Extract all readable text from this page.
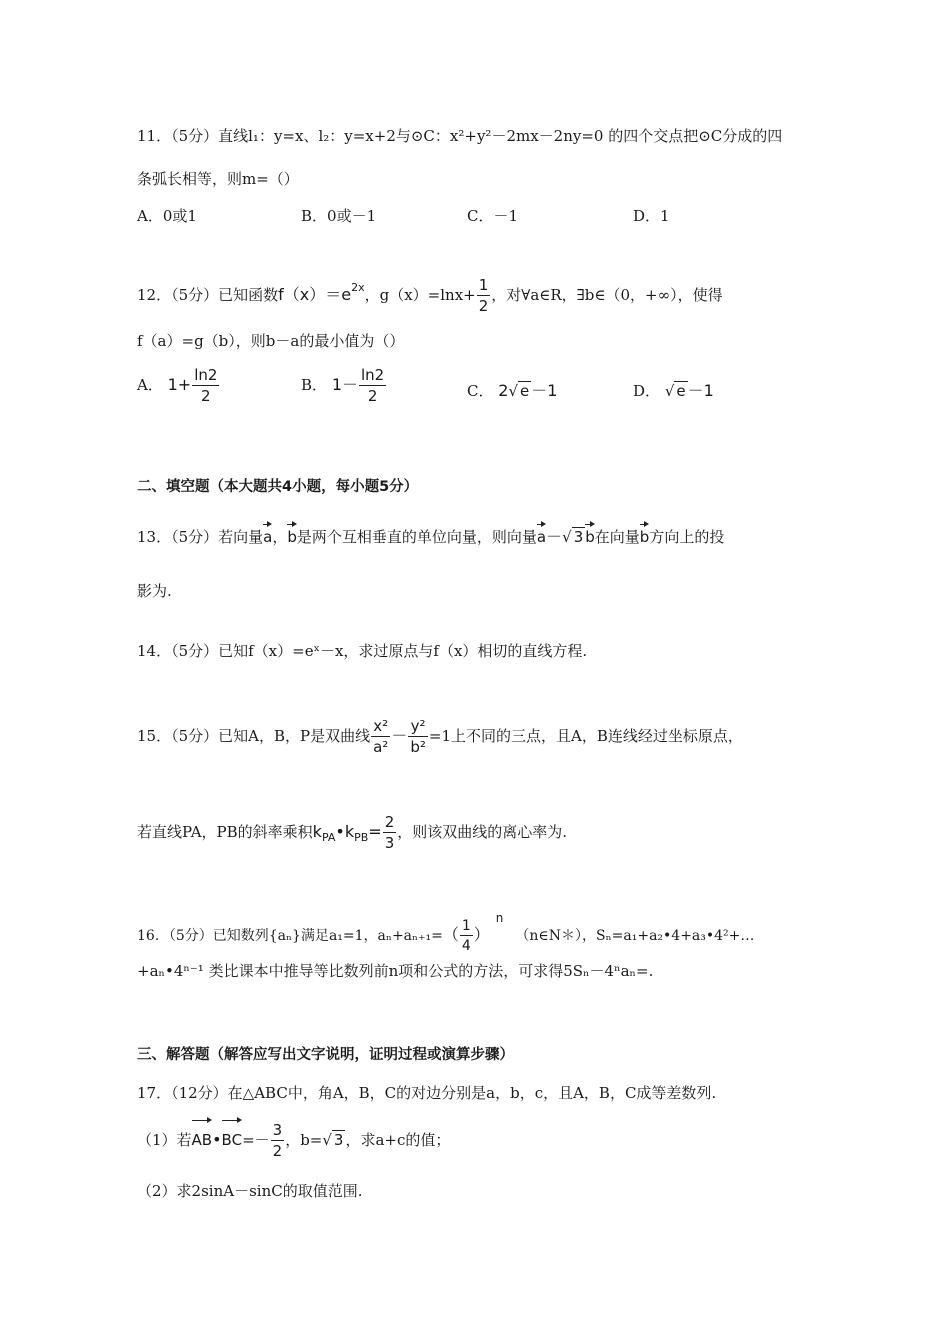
11．（5分）直线l₁：y=x、l₂：y=x+2与⊙C：x²+y²－2mx－2ny=0 的四个交点把⊙C分成的四
条弧长相等，则m=（）
A．0或1	B．0或－1	C．－1	D．1
12．（5分）已知函数$f(x)=e^{2x}$，$g(x)=\ln x+ \frac{1}{2}$ ，对∀a∈R，∃b∈（0，+∞），使得
f（a）=g（b），则b－a的最小值为（）
A． $1+ \frac{\ln 2}{2}$	B． $1- \frac{\ln 2}{2}$	C． 2√ e －1	D． √ e －1
二、填空题（本大题共4小题，每小题5分）
13．（5分）若向量a，b是两个互相垂直的单位向量，则向量a－√ 3 b在向量b方向上的投
影为.
14．（5分）已知f（x）=eˣ－x，求过原点与f（x）相切的直线方程.
15．（5分）已知A，B，P是双曲线 $\frac{\text{x²}}{\text{a²}} - \frac{\text{y²}}{\text{b²}} =1$上不同的三点，且A，B连线经过坐标原点，
若直线PA，PB的斜率乘积$k_{PA}•k_{PB}= \frac{2}{3}$ ，则该双曲线的离心率为.
16．（5分）已知数列{aₙ}满足a₁=1，$a_n+a_{n+1}=( \frac{1}{4}$ ）$^n(n\in N*)$，Sₙ=a₁+a₂•4+a₃•4²+…
+aₙ•4ⁿ⁻¹ 类比课本中推导等比数列前n项和公式的方法，可求得5Sₙ－4ⁿaₙ=.
三、解答题（解答应写出文字说明，证明过程或演算步骤）
17．（12分）在△ABC中，角A，B，C的对边分别是a，b，c，且A，B，C成等差数列.
（1）若AB•BC=－ $\frac{3}{2}$ ，b=√ 3 ，求a+c的值；
（2）求2sinA－sinC的取值范围.
